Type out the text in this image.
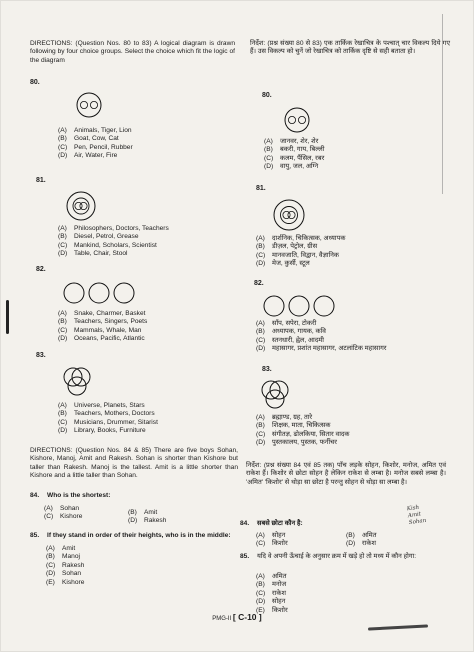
DIRECTIONS: (Question Nos. 80 to 83) A logical diagram is drawn following by four choice groups. Select the choice which fit the logic of the diagram
80.
(A) Animals, Tiger, Lion
(B) Goat, Cow, Cat
(C) Pen, Pencil, Rubber
(D) Air, Water, Fire
81.
(A) Philosophers, Doctors, Teachers
(B) Diesel, Petrol, Grease
(C) Mankind, Scholars, Scientist
(D) Table, Chair, Stool
82.
(A) Snake, Charmer, Basket
(B) Teachers, Singers, Poets
(C) Mammals, Whale, Man
(D) Oceans, Pacific, Atlantic
83.
(A) Universe, Planets, Stars
(B) Teachers, Mothers, Doctors
(C) Musicians, Drummer, Sitarist
(D) Library, Books, Furniture
DIRECTIONS: (Question Nos. 84 & 85) There are five boys Sohan, Kishore, Manoj, Amit and Rakesh. Sohan is shorter than Kishore but taller than Rakesh. Manoj is the tallest. Amit is a little shorter than Kishore and a little taller than Sohan.
84. Who is the shortest:
(A) Sohan
(C) Kishore
(B) Amit
(D) Rakesh
85. If they stand in order of their heights, who is in the middle:
(A) Amit
(B) Manoj
(C) Rakesh
(D) Sohan
(E) Kishore
निर्देश: (प्रश्न संख्या 80 से 83) एक तार्किक रेखाचित्र के पश्चात् चार विकल्प दिये गए हैं। उस विकल्प को चुनें जो रेखाचित्र को तार्किक दृष्टि से सही बताता हो।
80.
(A) जानवर, शेर, शेर
(B) बकरी, गाय, बिल्ली
(C) कलम, पैंसिल, रबर
(D) वायु, जल, अग्नि
81.
(A) दार्शनिक, चिकित्सक, अध्यापक
(B) डीज़ल, पेट्रोल, ग्रीस
(C) मानवजाति, विद्वान, वैज्ञानिक
(D) मेज, कुर्सी, स्टूल
82.
(A) साँप, सपेरा, टोकरी
(B) अध्यापक, गायक, कवि
(C) स्तनधारी, ह्वेल, आदमी
(D) महासागर, प्रशांत महासागर, अटलांटिक महासागर
83.
(A) ब्रह्माण्ड, ग्रह, तारे
(B) शिक्षक, माता, चिकित्सक
(C) संगीतज्ञ, ढोलकिया, सितार वादक
(D) पुस्तकालय, पुस्तक, फर्नीचर
निर्देश: (प्रश्न संख्या 84 एवं 85 तक) पाँच लड़के सोहन, किशोर, मनोज, अमित एवं राकेश हैं। किशोर से छोटा सोहन है लेकिन राकेश से लम्बा है। मनोज सबसे लम्बा है। 'अमित' 'किशोर' से थोड़ा सा छोटा है परन्तु सोहन से थोड़ा सा लम्बा है।
Kish
Amit
Sohan
84. सबसे छोटा कौन है:
(A) सोहन
(C) किशोर
(B) अमित
(D) राकेश
85. यदि वे अपनी ऊँचाई के अनुसार क्रम में खड़े हो तो मध्य में कौन होगा:
(A) अमित
(B) मनोज
(C) राकेश
(D) सोहन
(E) किशोर
PMG-II [ C-10 ]
